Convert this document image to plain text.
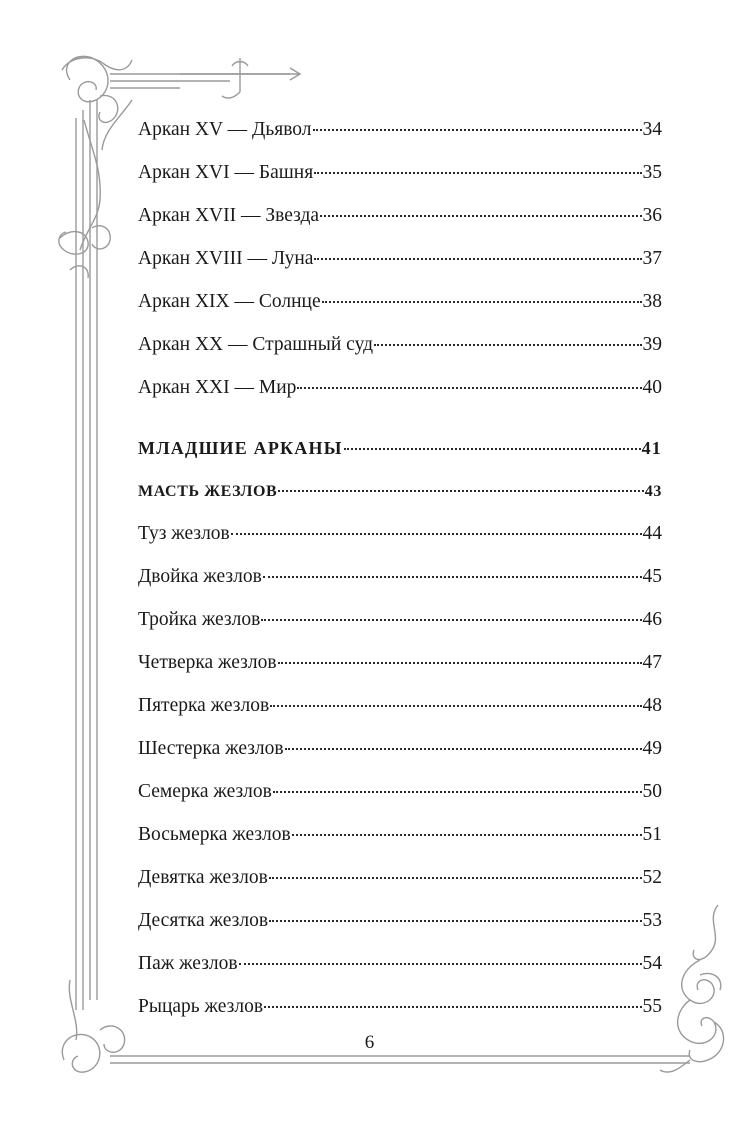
Аркан XV — Дьявол	34
Аркан XVI — Башня	35
Аркан XVII — Звезда	36
Аркан XVIII — Луна	37
Аркан XIX — Солнце	38
Аркан XX — Страшный суд	39
Аркан XXI — Мир	40
МЛАДШИЕ АРКАНЫ	41
МАСТЬ ЖЕЗЛОВ	43
Туз жезлов	44
Двойка жезлов	45
Тройка жезлов	46
Четверка жезлов	47
Пятерка жезлов	48
Шестерка жезлов	49
Семерка жезлов	50
Восьмерка жезлов	51
Девятка жезлов	52
Десятка жезлов	53
Паж жезлов	54
Рыцарь жезлов	55
6
